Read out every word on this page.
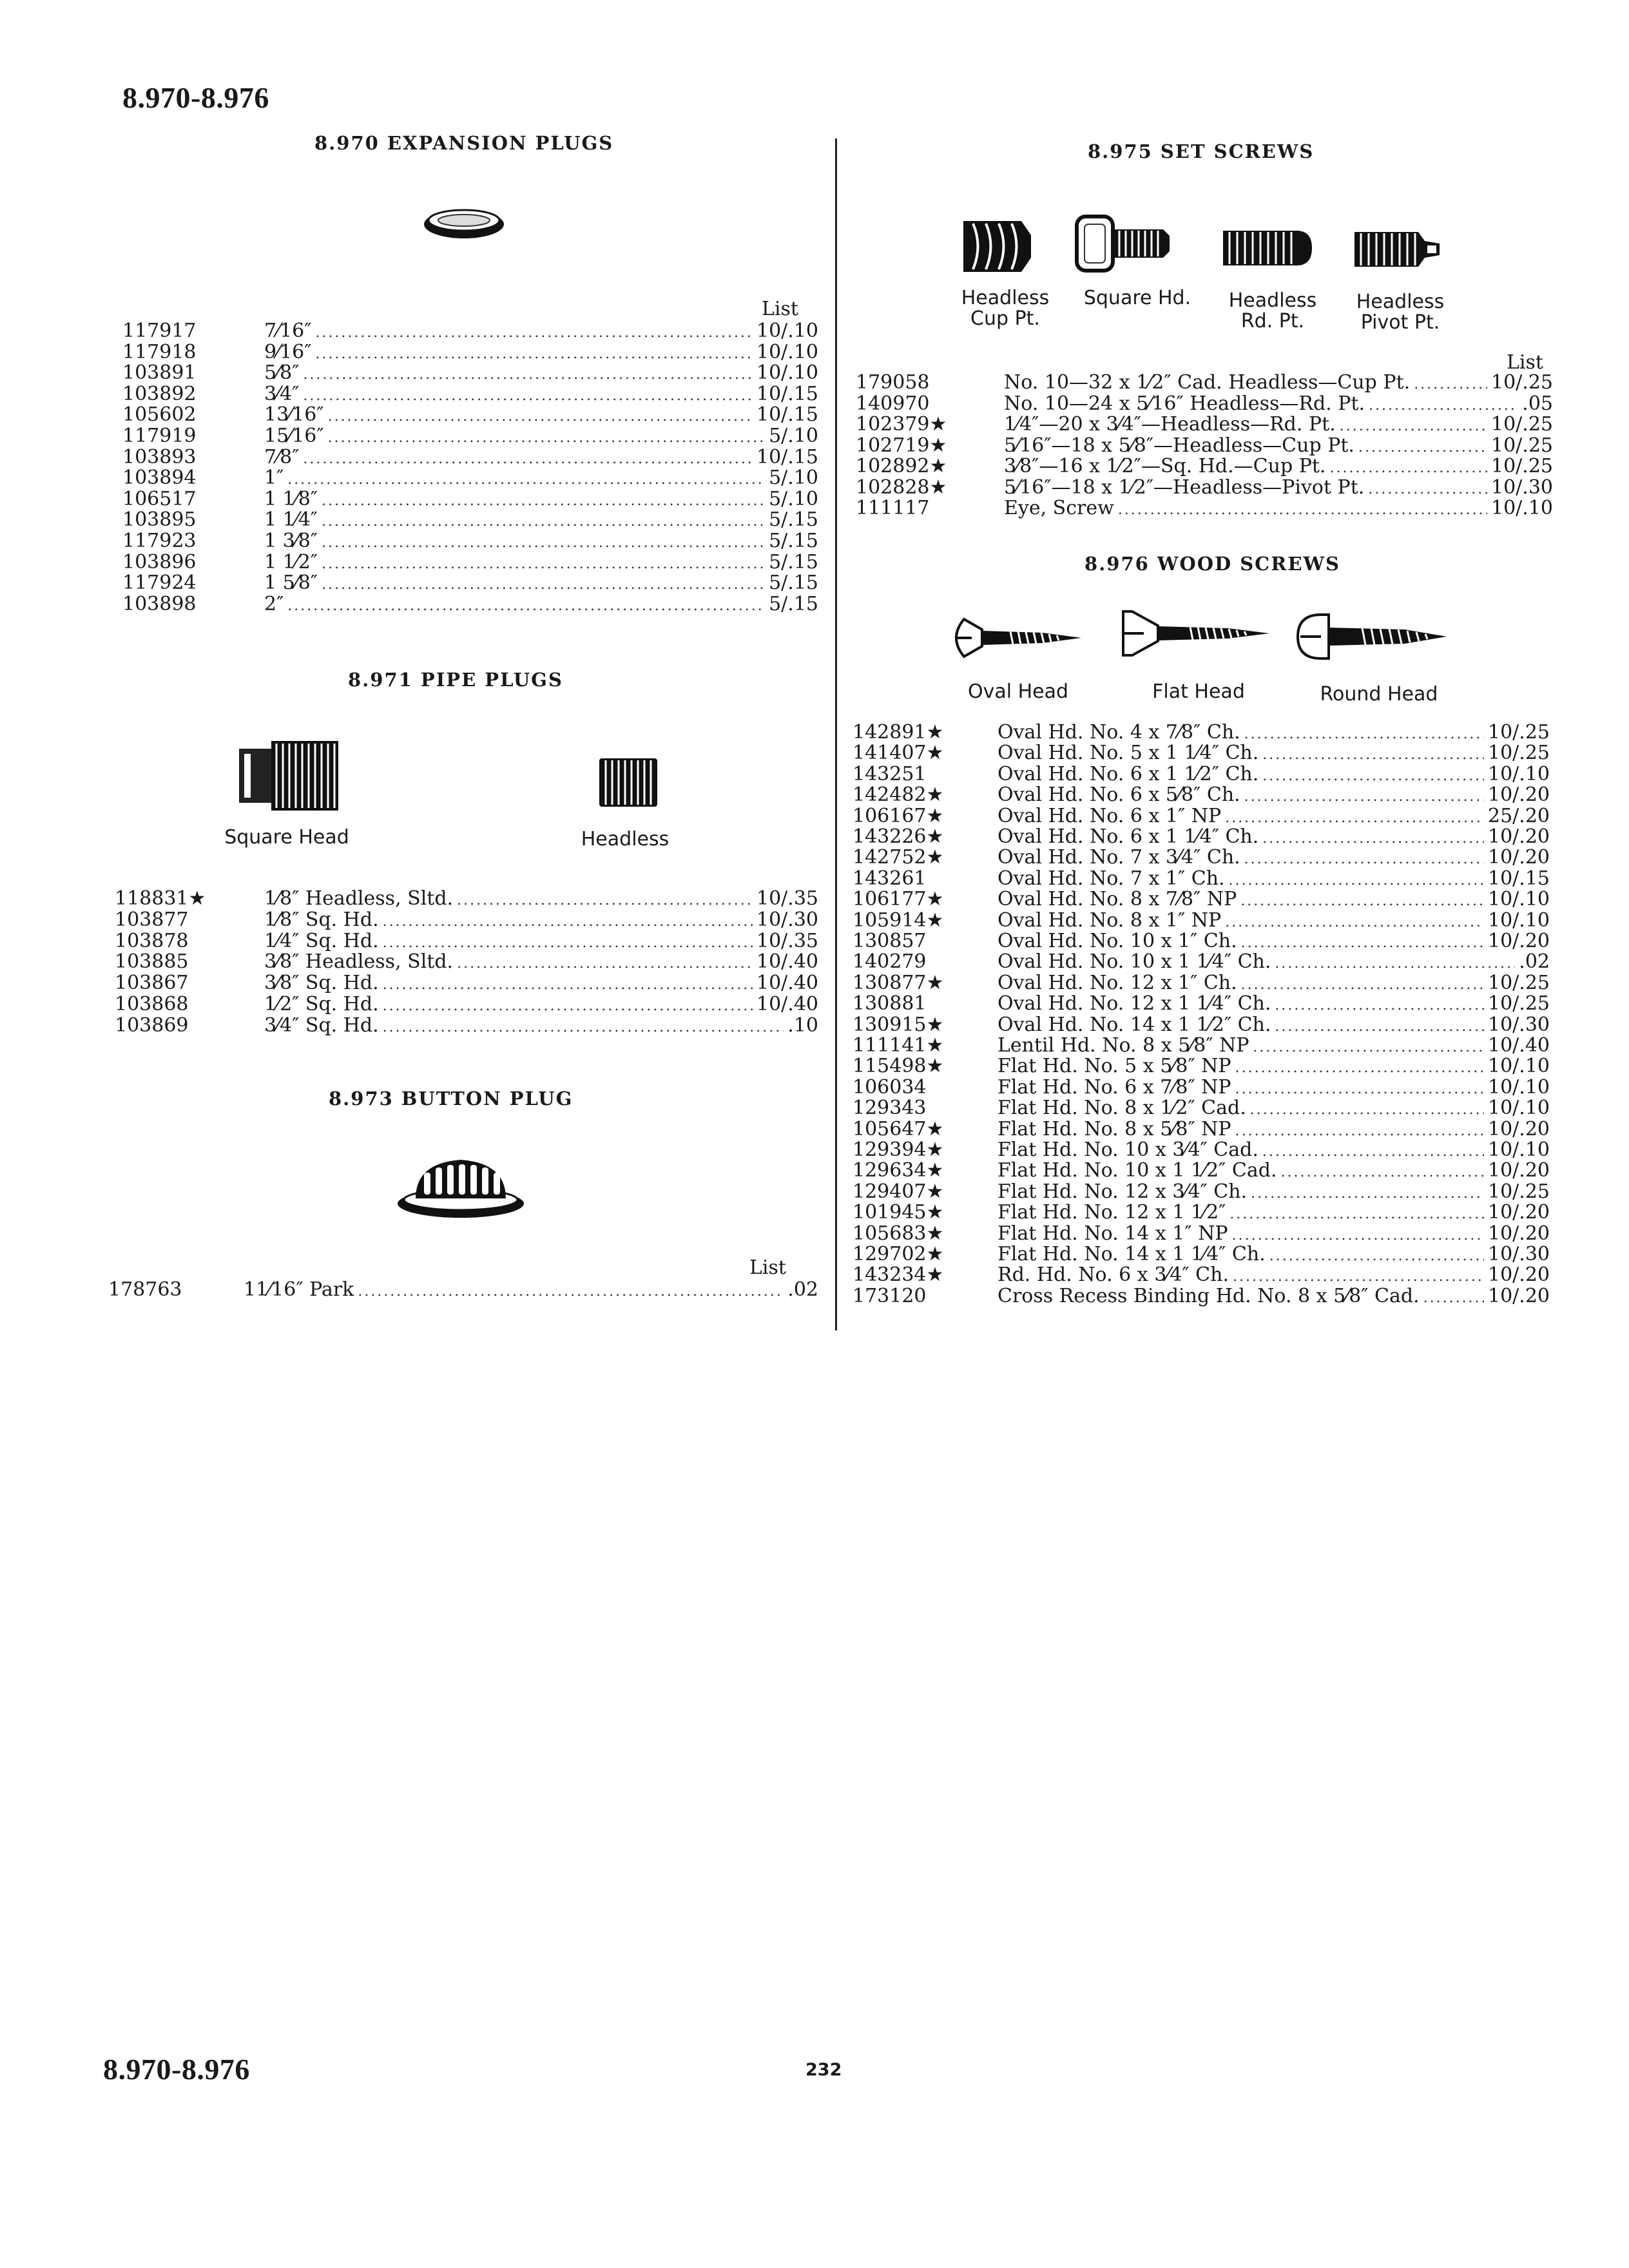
8.970-8.976
8.970 EXPANSION PLUGS
List
117917	7⁄16″ .....	10/.10
117918	9⁄16″ .....	10/.10
103891	5⁄8″ .....	10/.10
103892	3⁄4″ .....	10/.15
105602	13⁄16″ .....	10/.15
117919	15⁄16″ .....	5/.10
103893	7⁄8″ .....	10/.15
103894	1″ .....	5/.10
106517	1 1⁄8″ .....	5/.10
103895	1 1⁄4″ .....	5/.15
117923	1 3⁄8″ .....	5/.15
103896	1 1⁄2″ .....	5/.15
117924	1 5⁄8″ .....	5/.15
103898	2″ .....	5/.15
8.971 PIPE PLUGS
Square Head	Headless
118831★	1⁄8″ Headless, Sltd. .....	10/.35
103877	1⁄8″ Sq. Hd. .....	10/.30
103878	1⁄4″ Sq. Hd. .....	10/.35
103885	3⁄8″ Headless, Sltd. .....	10/.40
103867	3⁄8″ Sq. Hd. .....	10/.40
103868	1⁄2″ Sq. Hd. .....	10/.40
103869	3⁄4″ Sq. Hd. .....	.10
8.973 BUTTON PLUG
List
178763	11⁄16″ Park .....	.02
8.975 SET SCREWS
Headless
Cup Pt.
Square Hd.	Headless
Rd. Pt.
Headless
Pivot Pt.
List
179058	No. 10—32 x 1⁄2″ Cad. Headless—Cup Pt. .....	10/.25
140970	No. 10—24 x 5⁄16″ Headless—Rd. Pt. .....	.05
102379★	1⁄4″—20 x 3⁄4″—Headless—Rd. Pt. .....	10/.25
102719★	5⁄16″—18 x 5⁄8″—Headless—Cup Pt. .....	10/.25
102892★	3⁄8″—16 x 1⁄2″—Sq. Hd.—Cup Pt. .....	10/.25
102828★	5⁄16″—18 x 1⁄2″—Headless—Pivot Pt. .....	10/.30
111117	Eye, Screw .....	10/.10
8.976 WOOD SCREWS
Oval Head	Flat Head	Round Head
142891★	Oval Hd. No. 4 x 7⁄8″ Ch. .....	10/.25
141407★	Oval Hd. No. 5 x 1 1⁄4″ Ch. .....	10/.25
143251	Oval Hd. No. 6 x 1 1⁄2″ Ch. .....	10/.10
142482★	Oval Hd. No. 6 x 5⁄8″ Ch. .....	10/.20
106167★	Oval Hd. No. 6 x 1″ NP .....	25/.20
143226★	Oval Hd. No. 6 x 1 1⁄4″ Ch. .....	10/.20
142752★	Oval Hd. No. 7 x 3⁄4″ Ch. .....	10/.20
143261	Oval Hd. No. 7 x 1″ Ch. .....	10/.15
106177★	Oval Hd. No. 8 x 7⁄8″ NP .....	10/.10
105914★	Oval Hd. No. 8 x 1″ NP .....	10/.10
130857	Oval Hd. No. 10 x 1″ Ch. .....	10/.20
140279	Oval Hd. No. 10 x 1 1⁄4″ Ch. .....	.02
130877★	Oval Hd. No. 12 x 1″ Ch. .....	10/.25
130881	Oval Hd. No. 12 x 1 1⁄4″ Ch. .....	10/.25
130915★	Oval Hd. No. 14 x 1 1⁄2″ Ch. .....	10/.30
111141★	Lentil Hd. No. 8 x 5⁄8″ NP .....	10/.40
115498★	Flat Hd. No. 5 x 5⁄8″ NP .....	10/.10
106034	Flat Hd. No. 6 x 7⁄8″ NP .....	10/.10
129343	Flat Hd. No. 8 x 1⁄2″ Cad. .....	10/.10
105647★	Flat Hd. No. 8 x 5⁄8″ NP .....	10/.20
129394★	Flat Hd. No. 10 x 3⁄4″ Cad. .....	10/.10
129634★	Flat Hd. No. 10 x 1 1⁄2″ Cad. .....	10/.20
129407★	Flat Hd. No. 12 x 3⁄4″ Ch. .....	10/.25
101945★	Flat Hd. No. 12 x 1 1⁄2″ .....	10/.20
105683★	Flat Hd. No. 14 x 1″ NP .....	10/.20
129702★	Flat Hd. No. 14 x 1 1⁄4″ Ch. .....	10/.30
143234★	Rd. Hd. No. 6 x 3⁄4″ Ch. .....	10/.20
173120	Cross Recess Binding Hd. No. 8 x 5⁄8″ Cad. .....	10/.20
8.970-8.976	232
